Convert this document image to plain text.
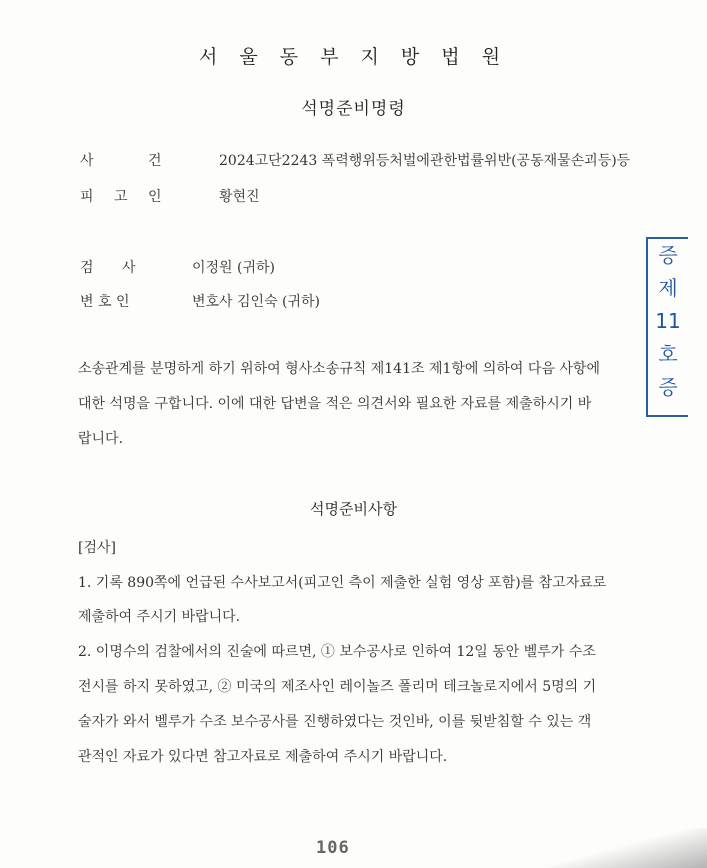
서 울 동 부 지 방 법 원
석명준비명령
사	건	2024고단2243 폭력행위등처벌에관한법률위반(공동재물손괴등)등
피 고 인	황현진
검 사	이정원 (귀하)
변 호 인	변호사 김인숙 (귀하)
소송관계를 분명하게 하기 위하여 형사소송규칙 제141조 제1항에 의하여 다음 사항에
대한 석명을 구합니다. 이에 대한 답변을 적은 의견서와 필요한 자료를 제출하시기 바
랍니다.
석명준비사항
[검사]
1. 기록 890쪽에 언급된 수사보고서(피고인 측이 제출한 실험 영상 포함)를 참고자료로
제출하여 주시기 바랍니다.
2. 이명수의 검찰에서의 진술에 따르면, ① 보수공사로 인하여 12일 동안 벨루가 수조
전시를 하지 못하였고, ② 미국의 제조사인 레이놀즈 폴리머 테크놀로지에서 5명의 기
술자가 와서 벨루가 수조 보수공사를 진행하였다는 것인바, 이를 뒷받침할 수 있는 객
관적인 자료가 있다면 참고자료로 제출하여 주시기 바랍니다.
증
제
11
호
증
106
